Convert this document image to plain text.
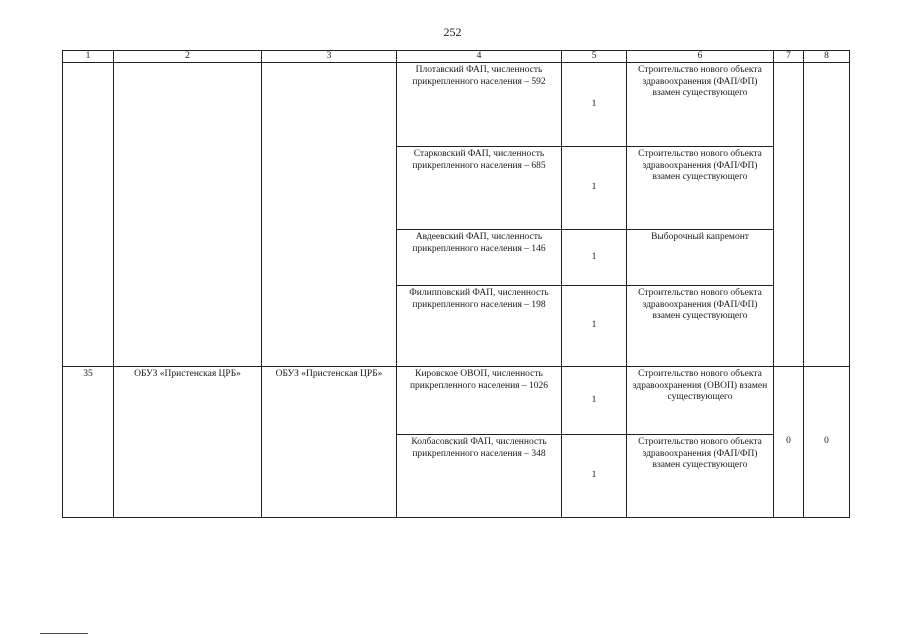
252
1	2	3	4	5	6	7	8
			Плотавский ФАП, численность прикрепленного населения – 592	1	Строительство нового объекта здравоохранения (ФАП/ФП) взамен существующего		
			Старковский ФАП, численность прикрепленного населения – 685	1	Строительство нового объекта здравоохранения (ФАП/ФП) взамен существующего		
			Авдеевский ФАП, численность прикрепленного населения – 146	1	Выборочный капремонт		
			Филипповский ФАП, численность прикрепленного населения – 198	1	Строительство нового объекта здравоохранения (ФАП/ФП) взамен существующего		
35	ОБУЗ «Пристенская ЦРБ»	ОБУЗ «Пристенская ЦРБ»	Кировское ОВОП, численность прикрепленного населения – 1026	1	Строительство нового объекта здравоохранения (ОВОП) взамен существующего	0	0
			Колбасовский ФАП, численность прикрепленного населения – 348	1	Строительство нового объекта здравоохранения (ФАП/ФП) взамен существующего		
